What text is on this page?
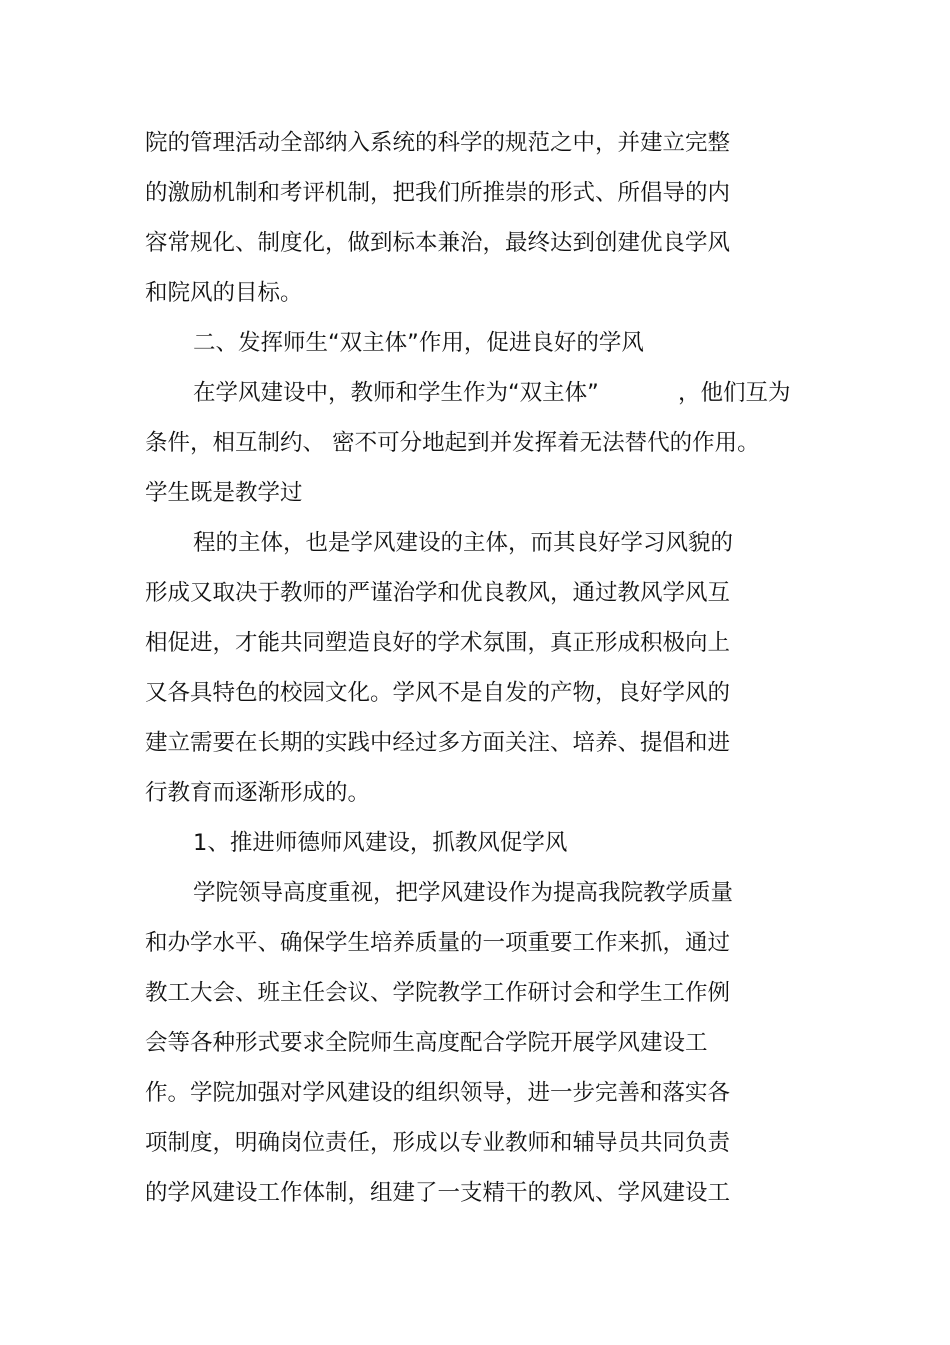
院的管理活动全部纳入系统的科学的规范之中，并建立完整
的激励机制和考评机制，把我们所推崇的形式、所倡导的内
容常规化、制度化，做到标本兼治，最终达到创建优良学风
和院风的目标。
二、发挥师生“双主体”作用，促进良好的学风
在学风建设中，教师和学生作为“双主体”	，他们互为
条件，相互制约、 密不可分地起到并发挥着无法替代的作用。
学生既是教学过
程的主体，也是学风建设的主体，而其良好学习风貌的
形成又取决于教师的严谨治学和优良教风，通过教风学风互
相促进，才能共同塑造良好的学术氛围，真正形成积极向上
又各具特色的校园文化。学风不是自发的产物，良好学风的
建立需要在长期的实践中经过多方面关注、培养、提倡和进
行教育而逐渐形成的。
1、推进师德师风建设，抓教风促学风
学院领导高度重视，把学风建设作为提高我院教学质量
和办学水平、确保学生培养质量的一项重要工作来抓，通过
教工大会、班主任会议、学院教学工作研讨会和学生工作例
会等各种形式要求全院师生高度配合学院开展学风建设工
作。学院加强对学风建设的组织领导，进一步完善和落实各
项制度，明确岗位责任，形成以专业教师和辅导员共同负责
的学风建设工作体制，组建了一支精干的教风、学风建设工
